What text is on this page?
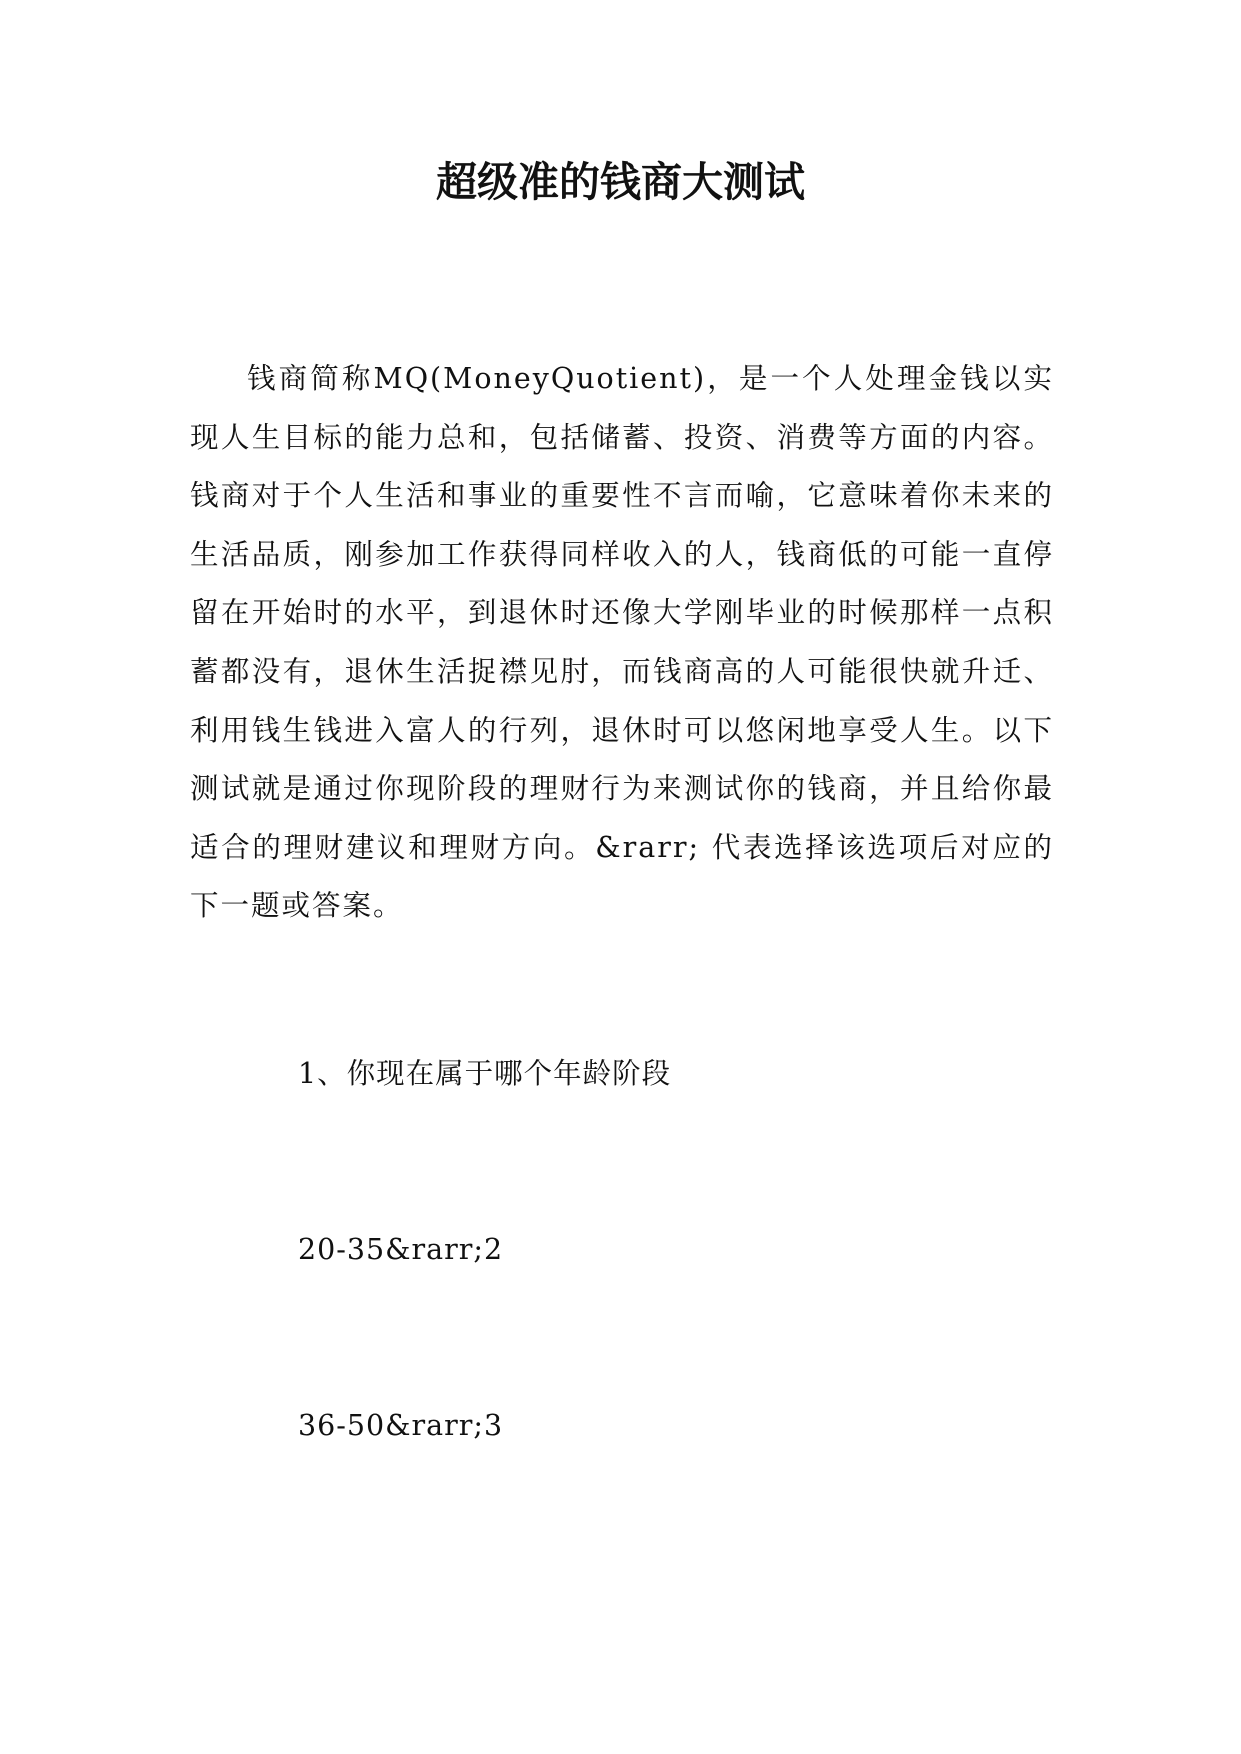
超级准的钱商大测试

钱商简称MQ(MoneyQuotient)，是一个人处理金钱以实现人生目标的能力总和，包括储蓄、投资、消费等方面的内容。钱商对于个人生活和事业的重要性不言而喻，它意味着你未来的生活品质，刚参加工作获得同样收入的人，钱商低的可能一直停留在开始时的水平，到退休时还像大学刚毕业的时候那样一点积蓄都没有，退休生活捉襟见肘，而钱商高的人可能很快就升迁、利用钱生钱进入富人的行列，退休时可以悠闲地享受人生。以下测试就是通过你现阶段的理财行为来测试你的钱商，并且给你最适合的理财建议和理财方向。&rarr; 代表选择该选项后对应的下一题或答案。

1、你现在属于哪个年龄阶段

20-35&rarr;2

36-50&rarr;3
